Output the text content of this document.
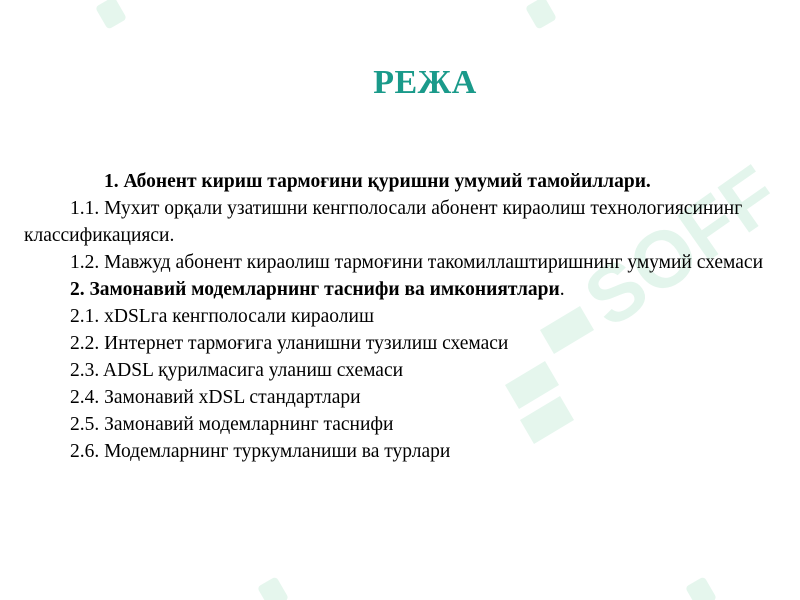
SOFF
РЕЖА

1. Абонент кириш тармоғини қуришни умумий тамойиллари.

1.1. Мухит орқали узатишни кенгполосали абонент кираолиш технологиясининг классификацияси.

1.2. Мавжуд абонент кираолиш тармоғини такомиллаштиришнинг умумий схемаси

2. Замонавий модемларнинг таснифи ва имкониятлари.

2.1. xDSLга кенгполосали кираолиш

2.2. Интернет тармоғига уланишни тузилиш схемаси

2.3. ADSL қурилмасига уланиш схемаси

2.4. Замонавий xDSL стандартлари

2.5. Замонавий модемларнинг таснифи

2.6. Модемларнинг туркумланиши ва турлари
